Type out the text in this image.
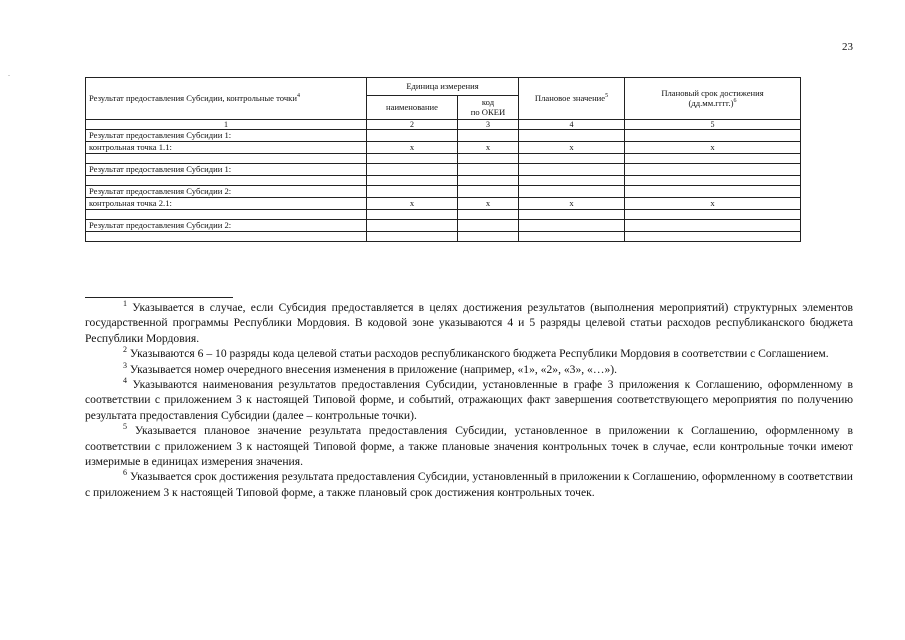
23
-
Результат предоставления Субсидии, контрольные точки$^4$	Единица измерения		Плановое значение$^5$	Плановый срок достижения
(дд.мм.гггг.)$^6$
	наименование	код
по ОКЕИ		
1	2	3	4	5
Результат предоставления Субсидии 1:				
контрольная точка 1.1:	x	x	x	x

Результат предоставления Субсидии 1:				

Результат предоставления Субсидии 2:				
контрольная точка 2.1:	x	x	x	x

Результат предоставления Субсидии 2:				

$^1$ Указывается в случае, если Субсидия предоставляется в целях достижения результатов (выполнения мероприятий) структурных элементов государственной программы Республики Мордовия. В кодовой зоне указываются 4 и 5 разряды целевой статьи расходов республиканского бюджета Республики Мордовия.

$^2$ Указываются 6 – 10 разряды кода целевой статьи расходов республиканского бюджета Республики Мордовия в соответствии с Соглашением.

$^3$ Указывается номер очередного внесения изменения в приложение (например, «1», «2», «3», «…»).

$^4$ Указываются наименования результатов предоставления Субсидии, установленные в графе 3 приложения к Соглашению, оформленному в соответствии с приложением 3 к настоящей Типовой форме, и событий, отражающих факт завершения соответствующего мероприятия по получению результата предоставления Субсидии (далее – контрольные точки).

$^5$ Указывается плановое значение результата предоставления Субсидии, установленное в приложении к Соглашению, оформленному в соответствии с приложением 3 к настоящей Типовой форме, а также плановые значения контрольных точек в случае, если контрольные точки имеют измеримые в единицах измерения значения.

$^6$ Указывается срок достижения результата предоставления Субсидии, установленный в приложении к Соглашению, оформленному в соответствии с приложением 3 к настоящей Типовой форме, а также плановый срок достижения контрольных точек.
